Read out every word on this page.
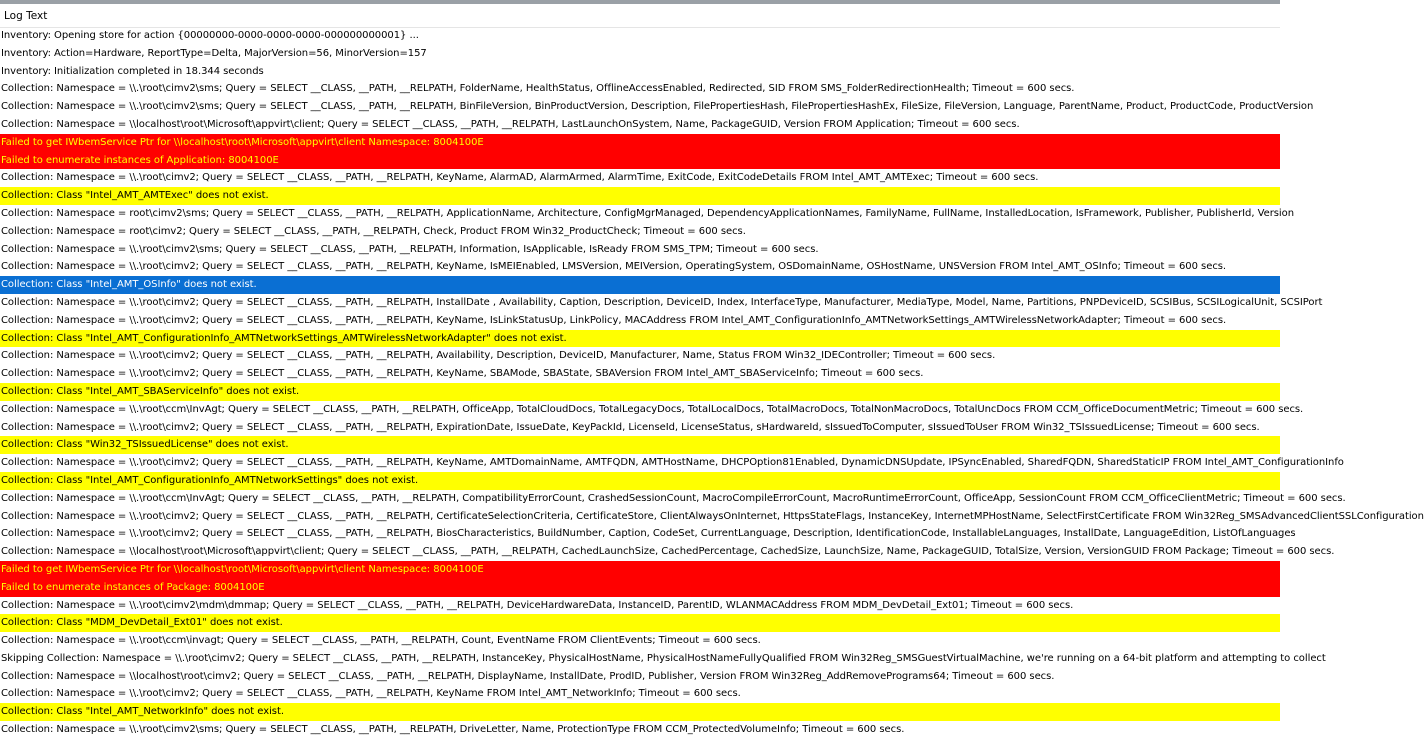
Log Text
Inventory: Opening store for action {00000000-0000-0000-0000-000000000001} ...
Inventory: Action=Hardware, ReportType=Delta, MajorVersion=56, MinorVersion=157
Inventory: Initialization completed in 18.344 seconds
Collection: Namespace = \\.\root\cimv2\sms; Query = SELECT __CLASS, __PATH, __RELPATH, FolderName, HealthStatus, OfflineAccessEnabled, Redirected, SID FROM SMS_FolderRedirectionHealth; Timeout = 600 secs.
Collection: Namespace = \\.\root\cimv2\sms; Query = SELECT __CLASS, __PATH, __RELPATH, BinFileVersion, BinProductVersion, Description, FilePropertiesHash, FilePropertiesHashEx, FileSize, FileVersion, Language, ParentName, Product, ProductCode, ProductVersion
Collection: Namespace = \\localhost\root\Microsoft\appvirt\client; Query = SELECT __CLASS, __PATH, __RELPATH, LastLaunchOnSystem, Name, PackageGUID, Version FROM Application; Timeout = 600 secs.
Failed to get IWbemService Ptr for \\localhost\root\Microsoft\appvirt\client Namespace: 8004100E
Failed to enumerate instances of Application: 8004100E
Collection: Namespace = \\.\root\cimv2; Query = SELECT __CLASS, __PATH, __RELPATH, KeyName, AlarmAD, AlarmArmed, AlarmTime, ExitCode, ExitCodeDetails FROM Intel_AMT_AMTExec; Timeout = 600 secs.
Collection: Class "Intel_AMT_AMTExec" does not exist.
Collection: Namespace = root\cimv2\sms; Query = SELECT __CLASS, __PATH, __RELPATH, ApplicationName, Architecture, ConfigMgrManaged, DependencyApplicationNames, FamilyName, FullName, InstalledLocation, IsFramework, Publisher, PublisherId, Version
Collection: Namespace = root\cimv2; Query = SELECT __CLASS, __PATH, __RELPATH, Check, Product FROM Win32_ProductCheck; Timeout = 600 secs.
Collection: Namespace = \\.\root\cimv2\sms; Query = SELECT __CLASS, __PATH, __RELPATH, Information, IsApplicable, IsReady FROM SMS_TPM; Timeout = 600 secs.
Collection: Namespace = \\.\root\cimv2; Query = SELECT __CLASS, __PATH, __RELPATH, KeyName, IsMEIEnabled, LMSVersion, MEIVersion, OperatingSystem, OSDomainName, OSHostName, UNSVersion FROM Intel_AMT_OSInfo; Timeout = 600 secs.
Collection: Class "Intel_AMT_OSInfo" does not exist.
Collection: Namespace = \\.\root\cimv2; Query = SELECT __CLASS, __PATH, __RELPATH, InstallDate , Availability, Caption, Description, DeviceID, Index, InterfaceType, Manufacturer, MediaType, Model, Name, Partitions, PNPDeviceID, SCSIBus, SCSILogicalUnit, SCSIPort
Collection: Namespace = \\.\root\cimv2; Query = SELECT __CLASS, __PATH, __RELPATH, KeyName, IsLinkStatusUp, LinkPolicy, MACAddress FROM Intel_AMT_ConfigurationInfo_AMTNetworkSettings_AMTWirelessNetworkAdapter; Timeout = 600 secs.
Collection: Class "Intel_AMT_ConfigurationInfo_AMTNetworkSettings_AMTWirelessNetworkAdapter" does not exist.
Collection: Namespace = \\.\root\cimv2; Query = SELECT __CLASS, __PATH, __RELPATH, Availability, Description, DeviceID, Manufacturer, Name, Status FROM Win32_IDEController; Timeout = 600 secs.
Collection: Namespace = \\.\root\cimv2; Query = SELECT __CLASS, __PATH, __RELPATH, KeyName, SBAMode, SBAState, SBAVersion FROM Intel_AMT_SBAServiceInfo; Timeout = 600 secs.
Collection: Class "Intel_AMT_SBAServiceInfo" does not exist.
Collection: Namespace = \\.\root\ccm\InvAgt; Query = SELECT __CLASS, __PATH, __RELPATH, OfficeApp, TotalCloudDocs, TotalLegacyDocs, TotalLocalDocs, TotalMacroDocs, TotalNonMacroDocs, TotalUncDocs FROM CCM_OfficeDocumentMetric; Timeout = 600 secs.
Collection: Namespace = \\.\root\cimv2; Query = SELECT __CLASS, __PATH, __RELPATH, ExpirationDate, IssueDate, KeyPackId, LicenseId, LicenseStatus, sHardwareId, sIssuedToComputer, sIssuedToUser FROM Win32_TSIssuedLicense; Timeout = 600 secs.
Collection: Class "Win32_TSIssuedLicense" does not exist.
Collection: Namespace = \\.\root\cimv2; Query = SELECT __CLASS, __PATH, __RELPATH, KeyName, AMTDomainName, AMTFQDN, AMTHostName, DHCPOption81Enabled, DynamicDNSUpdate, IPSyncEnabled, SharedFQDN, SharedStaticIP FROM Intel_AMT_ConfigurationInfo
Collection: Class "Intel_AMT_ConfigurationInfo_AMTNetworkSettings" does not exist.
Collection: Namespace = \\.\root\ccm\InvAgt; Query = SELECT __CLASS, __PATH, __RELPATH, CompatibilityErrorCount, CrashedSessionCount, MacroCompileErrorCount, MacroRuntimeErrorCount, OfficeApp, SessionCount FROM CCM_OfficeClientMetric; Timeout = 600 secs.
Collection: Namespace = \\.\root\cimv2; Query = SELECT __CLASS, __PATH, __RELPATH, CertificateSelectionCriteria, CertificateStore, ClientAlwaysOnInternet, HttpsStateFlags, InstanceKey, InternetMPHostName, SelectFirstCertificate FROM Win32Reg_SMSAdvancedClientSSLConfiguration
Collection: Namespace = \\.\root\cimv2; Query = SELECT __CLASS, __PATH, __RELPATH, BiosCharacteristics, BuildNumber, Caption, CodeSet, CurrentLanguage, Description, IdentificationCode, InstallableLanguages, InstallDate, LanguageEdition, ListOfLanguages
Collection: Namespace = \\localhost\root\Microsoft\appvirt\client; Query = SELECT __CLASS, __PATH, __RELPATH, CachedLaunchSize, CachedPercentage, CachedSize, LaunchSize, Name, PackageGUID, TotalSize, Version, VersionGUID FROM Package; Timeout = 600 secs.
Failed to get IWbemService Ptr for \\localhost\root\Microsoft\appvirt\client Namespace: 8004100E
Failed to enumerate instances of Package: 8004100E
Collection: Namespace = \\.\root\cimv2\mdm\dmmap; Query = SELECT __CLASS, __PATH, __RELPATH, DeviceHardwareData, InstanceID, ParentID, WLANMACAddress FROM MDM_DevDetail_Ext01; Timeout = 600 secs.
Collection: Class "MDM_DevDetail_Ext01" does not exist.
Collection: Namespace = \\.\root\ccm\invagt; Query = SELECT __CLASS, __PATH, __RELPATH, Count, EventName FROM ClientEvents; Timeout = 600 secs.
Skipping Collection: Namespace = \\.\root\cimv2; Query = SELECT __CLASS, __PATH, __RELPATH, InstanceKey, PhysicalHostName, PhysicalHostNameFullyQualified FROM Win32Reg_SMSGuestVirtualMachine, we're running on a 64-bit platform and attempting to collect
Collection: Namespace = \\localhost\root\cimv2; Query = SELECT __CLASS, __PATH, __RELPATH, DisplayName, InstallDate, ProdID, Publisher, Version FROM Win32Reg_AddRemovePrograms64; Timeout = 600 secs.
Collection: Namespace = \\.\root\cimv2; Query = SELECT __CLASS, __PATH, __RELPATH, KeyName FROM Intel_AMT_NetworkInfo; Timeout = 600 secs.
Collection: Class "Intel_AMT_NetworkInfo" does not exist.
Collection: Namespace = \\.\root\cimv2\sms; Query = SELECT __CLASS, __PATH, __RELPATH, DriveLetter, Name, ProtectionType FROM CCM_ProtectedVolumeInfo; Timeout = 600 secs.
